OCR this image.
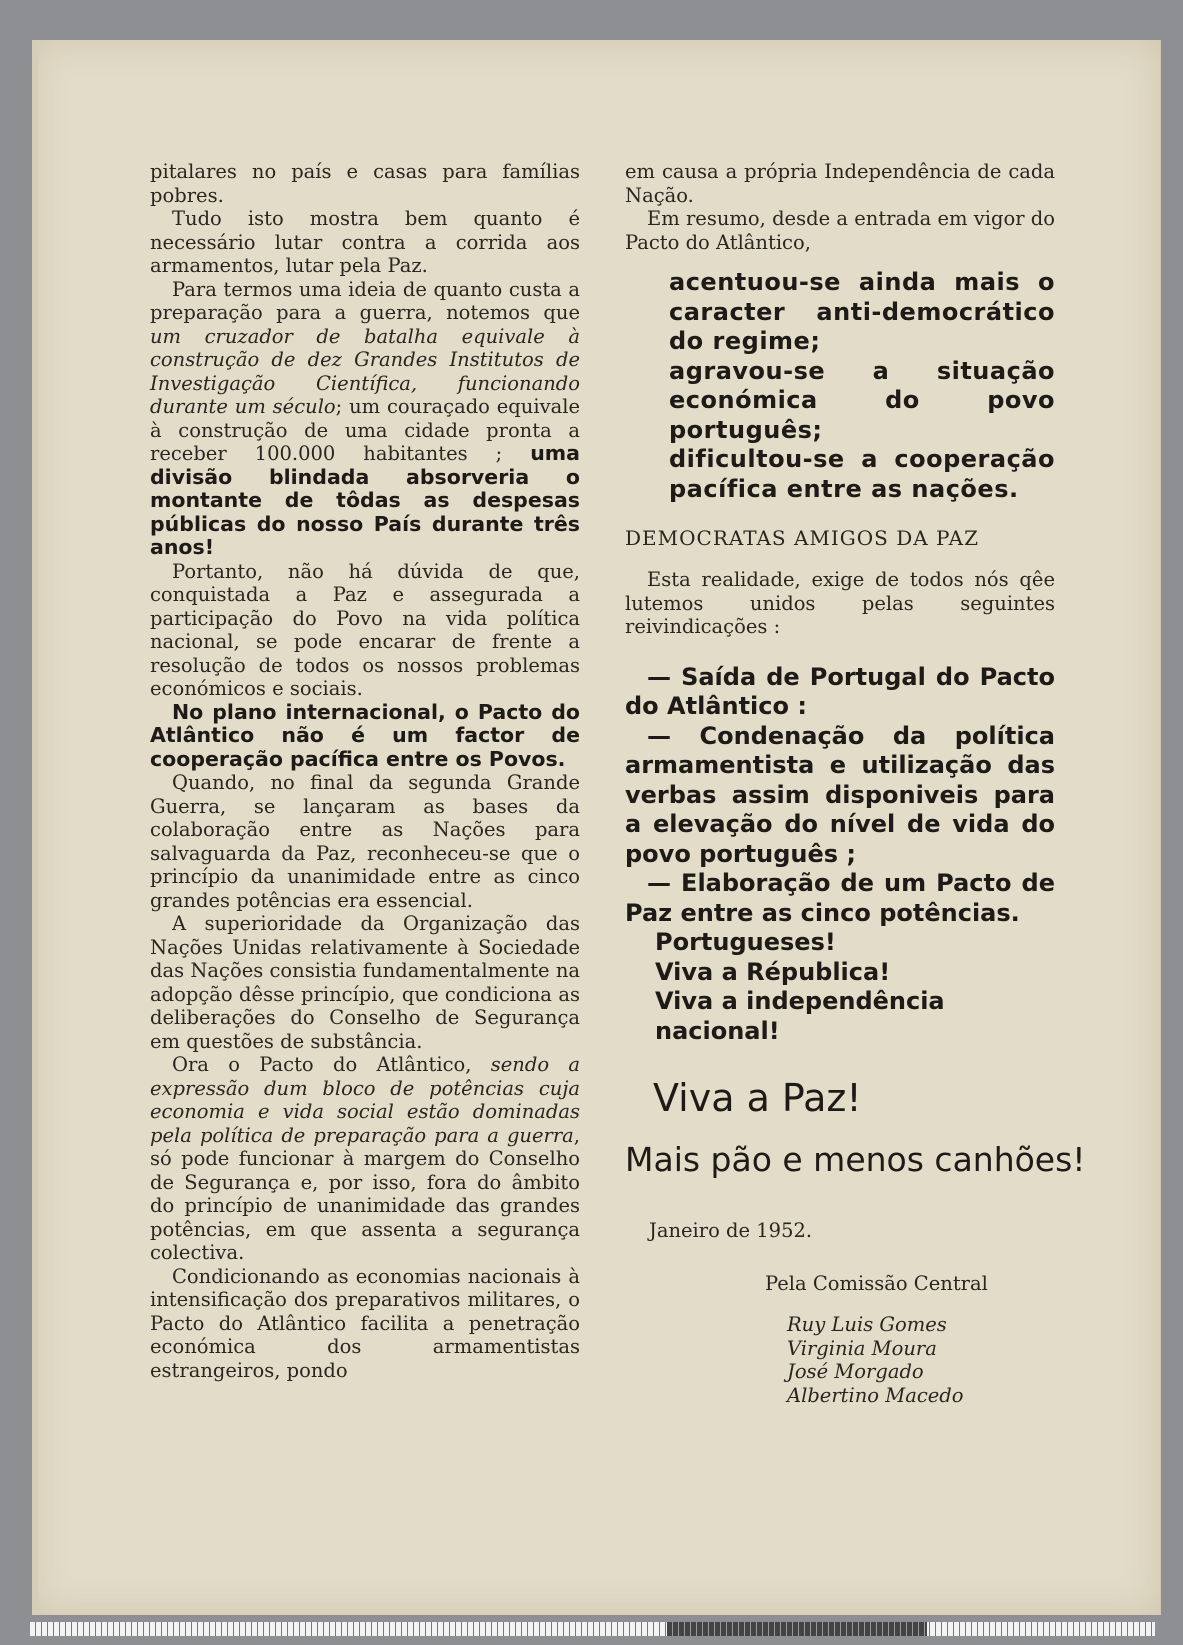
pitalares no país e casas para famílias pobres.

Tudo isto mostra bem quanto é necessário lutar contra a corrida aos armamentos, lutar pela Paz.

Para termos uma ideia de quanto custa a preparação para a guerra, notemos que um cruzador de batalha equivale à construção de dez Grandes Institutos de Investigação Científica, funcionando durante um século; um couraçado equivale à construção de uma cidade pronta a receber 100.000 habitantes ; uma divisão blindada absorveria o montante de tôdas as despesas públicas do nosso País durante três anos!

Portanto, não há dúvida de que, conquistada a Paz e assegurada a participação do Povo na vida política nacional, se pode encarar de frente a resolução de todos os nossos problemas económicos e sociais.

No plano internacional, o Pacto do Atlântico não é um factor de cooperação pacífica entre os Povos.

Quando, no final da segunda Grande Guerra, se lançaram as bases da colaboração entre as Nações para salvaguarda da Paz, reconheceu-se que o princípio da unanimidade entre as cinco grandes potências era essencial.

A superioridade da Organização das Nações Unidas relativamente à Sociedade das Nações consistia fundamentalmente na adopção dêsse princípio, que condiciona as deliberações do Conselho de Segurança em questões de substância.

Ora o Pacto do Atlântico, sendo a expressão dum bloco de potências cuja economia e vida social estão dominadas pela política de preparação para a guerra, só pode funcionar à margem do Conselho de Segurança e, por isso, fora do âmbito do princípio de unanimidade das grandes potências, em que assenta a segurança colectiva.

Condicionando as economias nacionais à intensificação dos preparativos militares, o Pacto do Atlântico facilita a penetração económica dos armamentistas estrangeiros, pondo

em causa a própria Independência de cada Nação.

Em resumo, desde a entrada em vigor do Pacto do Atlântico,

acentuou-se ainda mais o caracter anti-democrático do regime;

agravou-se a situação económica do povo português;

dificultou-se a cooperação pacífica entre as nações.

DEMOCRATAS AMIGOS DA PAZ

Esta realidade, exige de todos nós qêe lutemos unidos pelas seguintes reivindicações :

— Saída de Portugal do Pacto do Atlântico :

— Condenação da política armamentista e utilização das verbas assim disponiveis para a elevação do nível de vida do povo português ;

— Elaboração de um Pacto de Paz entre as cinco potências.

Portugueses!

Viva a Républica!

Viva a independência nacional!

Viva a Paz!

Mais pão e menos canhões!

Janeiro de 1952.

Pela Comissão Central

Ruy Luis Gomes

Virginia Moura

José Morgado

Albertino Macedo
